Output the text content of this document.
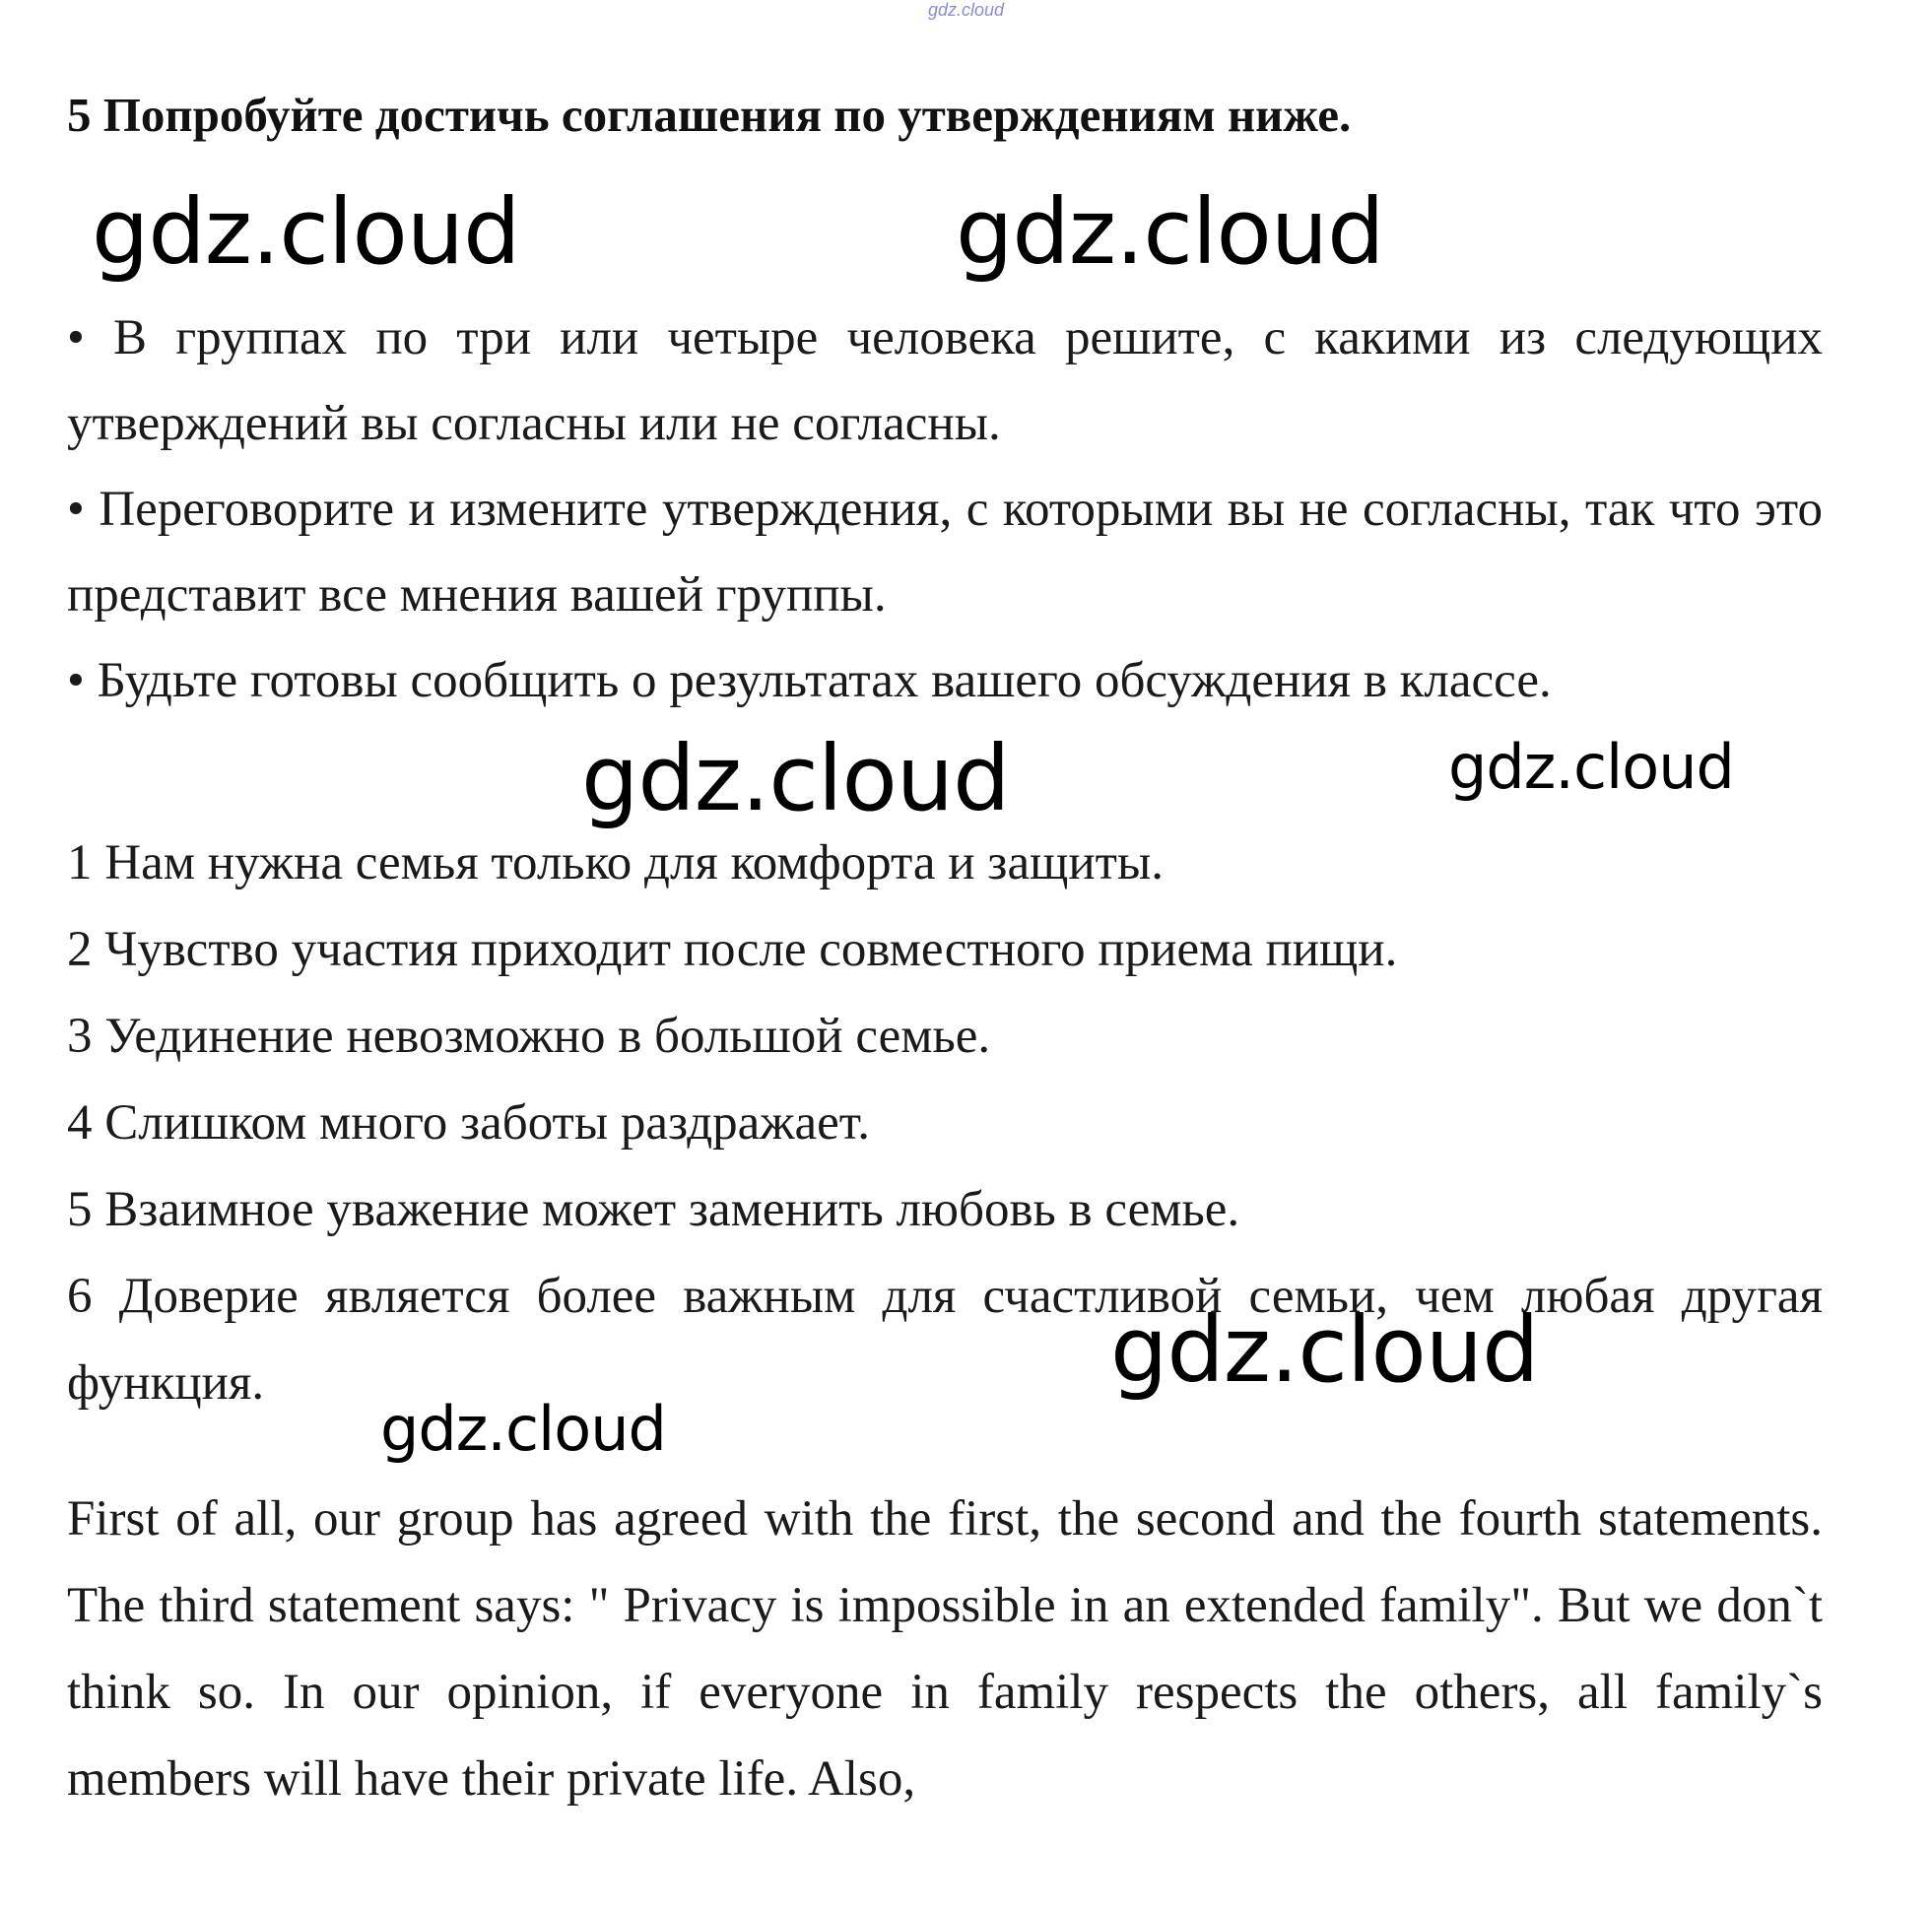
gdz.cloud
5 Попробуйте достичь соглашения по утверждениям ниже.

• В группах по три или четыре человека решите, с какими из следующих утверждений вы согласны или не согласны.

• Переговорите и измените утверждения, с которыми вы не согласны, так что это представит все мнения вашей группы.

• Будьте готовы сообщить о результатах вашего обсуждения в классе.

1 Нам нужна семья только для комфорта и защиты.

2 Чувство участия приходит после совместного приема пищи.

3 Уединение невозможно в большой семье.

4 Слишком много заботы раздражает.

5 Взаимное уважение может заменить любовь в семье.

6 Доверие является более важным для счастливой семьи, чем любая другая функция.

First of all, our group has agreed with the first, the second and the fourth statements. The third statement says: " Privacy is impossible in an extended family". But we don`t think so. In our opinion, if everyone in family respects the others, all family`s members will have their private life. Also,

gdz.cloud	gdz.cloud
gdz.cloud	gdz.cloud
gdz.cloud
gdz.cloud
